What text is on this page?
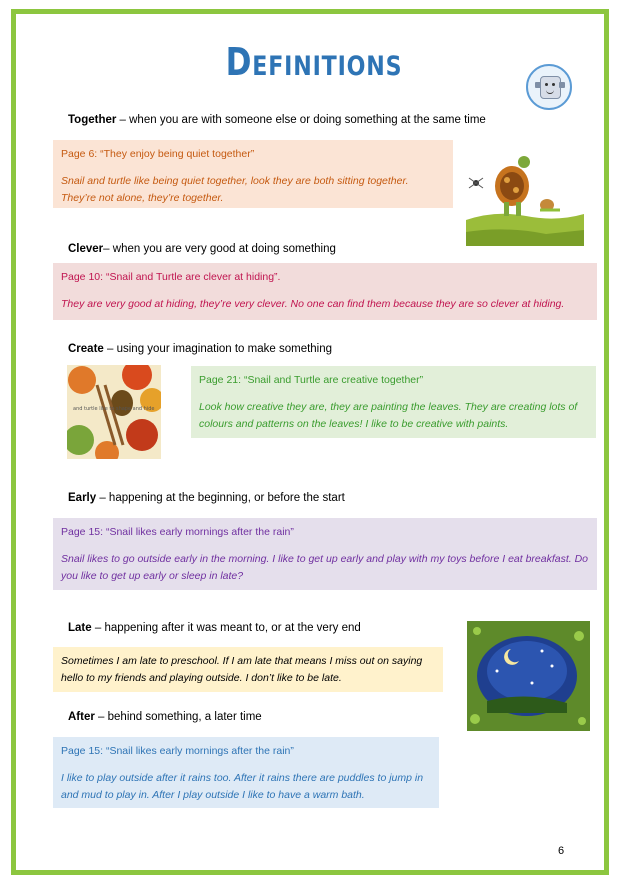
Definitions
Together – when you are with someone else or doing something at the same time
Page 6: “They enjoy being quiet together”
Snail and turtle like being quiet together, look they are both sitting together. They’re not alone, they’re together.
Clever– when you are very good at doing something
Page 10: “Snail and Turtle are clever at hiding”.
They are very good at hiding, they’re very clever. No one can find them because they are so clever at hiding.
Create – using your imagination to make something
and turtle like to shape and hide
Page 21: “Snail and Turtle are creative together”
Look how creative they are, they are painting the leaves. They are creating lots of colours and patterns on the leaves! I like to be creative with paints.
Early – happening at the beginning, or before the start
Page 15: “Snail likes early mornings after the rain”
Snail likes to go outside early in the morning. I like to get up early and play with my toys before I eat breakfast. Do you like to get up early or sleep in late?
Late – happening after it was meant to, or at the very end
Sometimes I am late to preschool. If I am late that means I miss out on saying hello to my friends and playing outside. I don’t like to be late.
After – behind something, a later time
Page 15: “Snail likes early mornings after the rain”
I like to play outside after it rains too. After it rains there are puddles to jump in and mud to play in. After I play outside I like to have a warm bath.
6
